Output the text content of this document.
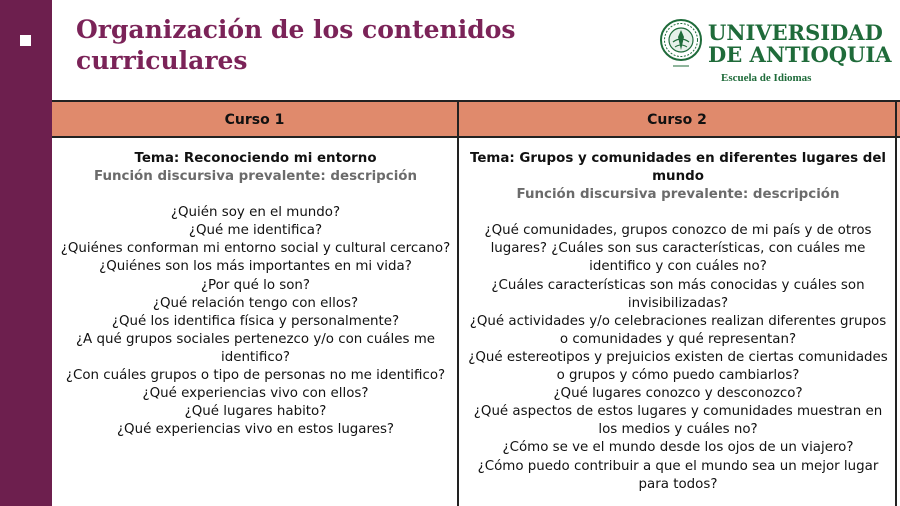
Organización de los contenidos
curriculares
UNIVERSIDAD
DE ANTIOQUIA
Escuela de Idiomas
Curso 1	Curso 2
Tema: Reconociendo mi entorno
Función discursiva prevalente: descripción
¿Quién soy en el mundo?
¿Qué me identifica?
¿Quiénes conforman mi entorno social y cultural cercano?
¿Quiénes son los más importantes en mi vida?
¿Por qué lo son?
¿Qué relación tengo con ellos?
¿Qué los identifica física y personalmente?
¿A qué grupos sociales pertenezco y/o con cuáles me identifico?
¿Con cuáles grupos o tipo de personas no me identifico?
¿Qué experiencias vivo con ellos?
¿Qué lugares habito?
¿Qué experiencias vivo en estos lugares?
Tema: Grupos y comunidades en diferentes lugares del mundo
Función discursiva prevalente: descripción
¿Qué comunidades, grupos conozco de mi país y de otros lugares? ¿Cuáles son sus características, con cuáles me identifico y con cuáles no?
¿Cuáles características son más conocidas y cuáles son invisibilizadas?
¿Qué actividades y/o celebraciones realizan diferentes grupos o comunidades y qué representan?
¿Qué estereotipos y prejuicios existen de ciertas comunidades o grupos y cómo puedo cambiarlos?
¿Qué lugares conozco y desconozco?
¿Qué aspectos de estos lugares y comunidades muestran en los medios y cuáles no?
¿Cómo se ve el mundo desde los ojos de un viajero?
¿Cómo puedo contribuir a que el mundo sea un mejor lugar para todos?
